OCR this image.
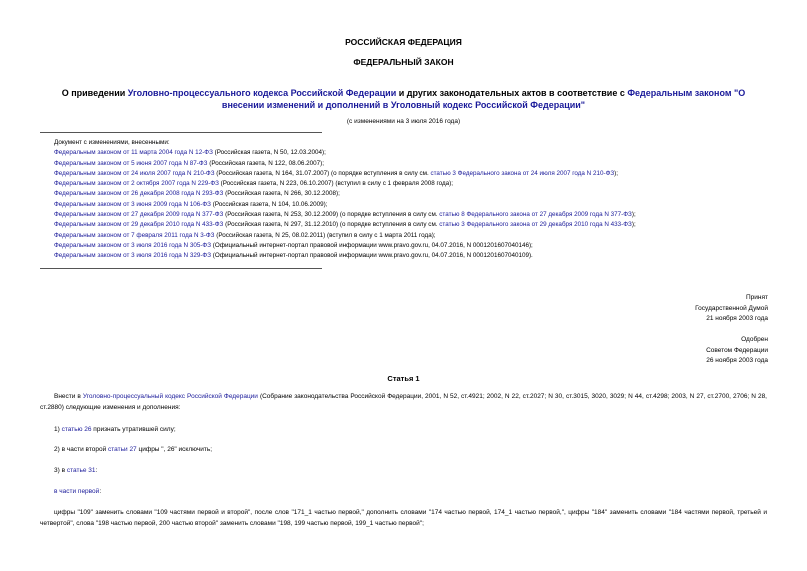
РОССИЙСКАЯ ФЕДЕРАЦИЯ
ФЕДЕРАЛЬНЫЙ ЗАКОН
О приведении Уголовно-процессуального кодекса Российской Федерации и других законодательных актов в соответствие с Федеральным законом "О внесении изменений и дополнений в Уголовный кодекс Российской Федерации"
(с изменениями на 3 июля 2016 года)
Документ с изменениями, внесенными:
Федеральным законом от 11 марта 2004 года N 12-ФЗ (Российская газета, N 50, 12.03.2004);
Федеральным законом от 5 июня 2007 года N 87-ФЗ (Российская газета, N 122, 08.06.2007);
Федеральным законом от 24 июля 2007 года N 210-ФЗ (Российская газета, N 164, 31.07.2007) (о порядке вступления в силу см. статью 3 Федерального закона от 24 июля 2007 года N 210-ФЗ);
Федеральным законом от 2 октября 2007 года N 229-ФЗ (Российская газета, N 223, 06.10.2007) (вступил в силу с 1 февраля 2008 года);
Федеральным законом от 26 декабря 2008 года N 293-ФЗ (Российская газета, N 266, 30.12.2008);
Федеральным законом от 3 июня 2009 года N 106-ФЗ (Российская газета, N 104, 10.06.2009);
Федеральным законом от 27 декабря 2009 года N 377-ФЗ (Российская газета, N 253, 30.12.2009) (о порядке вступления в силу см. статью 8 Федерального закона от 27 декабря 2009 года N 377-ФЗ);
Федеральным законом от 29 декабря 2010 года N 433-ФЗ (Российская газета, N 297, 31.12.2010) (о порядке вступления в силу см. статью 3 Федерального закона от 29 декабря 2010 года N 433-ФЗ);
Федеральным законом от 7 февраля 2011 года N 3-ФЗ (Российская газета, N 25, 08.02.2011) (вступил в силу с 1 марта 2011 года);
Федеральным законом от 3 июля 2016 года N 305-ФЗ (Официальный интернет-портал правовой информации www.pravo.gov.ru, 04.07.2016, N 0001201607040146);
Федеральным законом от 3 июля 2016 года N 329-ФЗ (Официальный интернет-портал правовой информации www.pravo.gov.ru, 04.07.2016, N 0001201607040109).
Принят
Государственной Думой
21 ноября 2003 года
Одобрен
Советом Федерации
26 ноября 2003 года
Статья 1
Внести в Уголовно-процессуальный кодекс Российской Федерации (Собрание законодательства Российской Федерации, 2001, N 52, ст.4921; 2002, N 22, ст.2027; N 30, ст.3015, 3020, 3029; N 44, ст.4298; 2003, N 27, ст.2700, 2706; N 28, ст.2880) следующие изменения и дополнения:
1) статью 26 признать утратившей силу;
2) в части второй статьи 27 цифры ", 26" исключить;
3) в статье 31:
в части первой:
цифры "109" заменить словами "109 частями первой и второй", после слов "171_1 частью первой," дополнить словами "174 частью первой, 174_1 частью первой,", цифры "184" заменить словами "184 частями первой, третьей и четвертой", слова "198 частью первой, 200 частью второй" заменить словами "198, 199 частью первой, 199_1 частью первой";
